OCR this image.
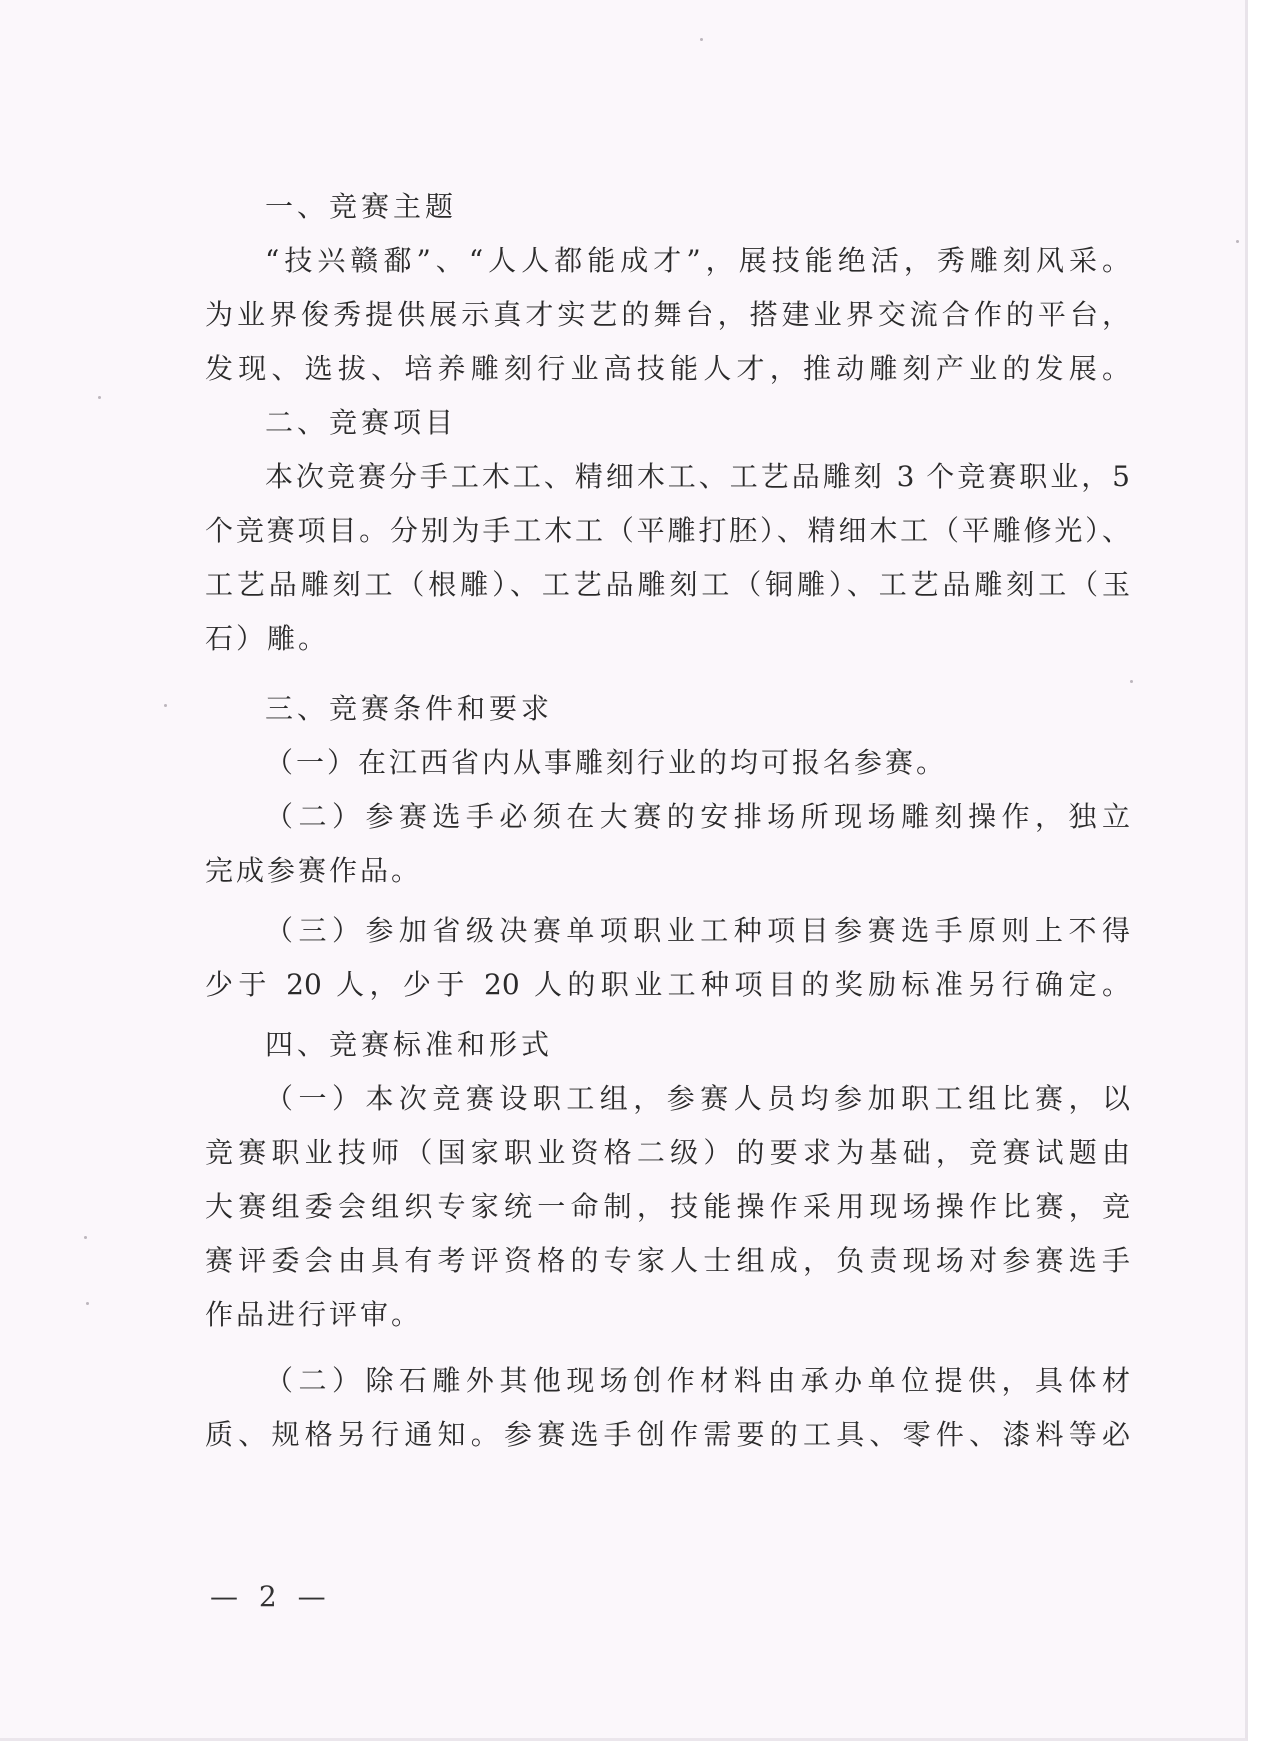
一、竞赛主题
“技兴赣鄱”、“人人都能成才”，展技能绝活，秀雕刻风采。
为业界俊秀提供展示真才实艺的舞台，搭建业界交流合作的平台，
发现、选拔、培养雕刻行业高技能人才，推动雕刻产业的发展。
二、竞赛项目
本次竞赛分手工木工、精细木工、工艺品雕刻 3 个竞赛职业，5
个竞赛项目。分别为手工木工（平雕打胚）、精细木工（平雕修光）、
工艺品雕刻工（根雕）、工艺品雕刻工（铜雕）、工艺品雕刻工（玉
石）雕。
三、竞赛条件和要求
（一）在江西省内从事雕刻行业的均可报名参赛。
（二）参赛选手必须在大赛的安排场所现场雕刻操作，独立
完成参赛作品。
（三）参加省级决赛单项职业工种项目参赛选手原则上不得
少于 20 人，少于 20 人的职业工种项目的奖励标准另行确定。
四、竞赛标准和形式
（一）本次竞赛设职工组，参赛人员均参加职工组比赛，以
竞赛职业技师（国家职业资格二级）的要求为基础，竞赛试题由
大赛组委会组织专家统一命制，技能操作采用现场操作比赛，竞
赛评委会由具有考评资格的专家人士组成，负责现场对参赛选手
作品进行评审。
（二）除石雕外其他现场创作材料由承办单位提供，具体材
质、规格另行通知。参赛选手创作需要的工具、零件、漆料等必
— 2 —
